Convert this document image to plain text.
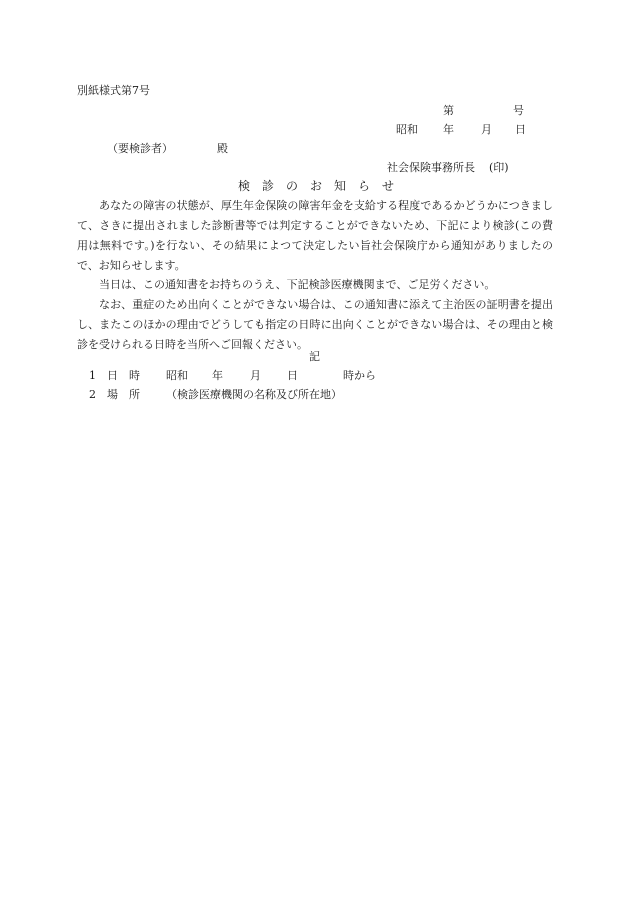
別紙様式第7号
第	号
昭和 年 月 日
（要検診者）	殿
社会保険事務所長 (印)
検　診　の　お　知　ら　せ
あなたの障害の状態が、厚生年金保険の障害年金を支給する程度であるかどうかにつきまして、さきに提出されました診断書等では判定することができないため、下記により検診(この費用は無料です。)を行ない、その結果によつて決定したい旨社会保険庁から通知がありましたので、お知らせします。
当日は、この通知書をお持ちのうえ、下記検診医療機関まで、ご足労ください。
なお、重症のため出向くことができない場合は、この通知書に添えて主治医の証明書を提出し、またこのほかの理由でどうしても指定の日時に出向くことができない場合は、その理由と検診を受けられる日時を当所へご回報ください。
記
1 日　時 昭和 年 月 日	時から
2 場　所 （検診医療機関の名称及び所在地）
